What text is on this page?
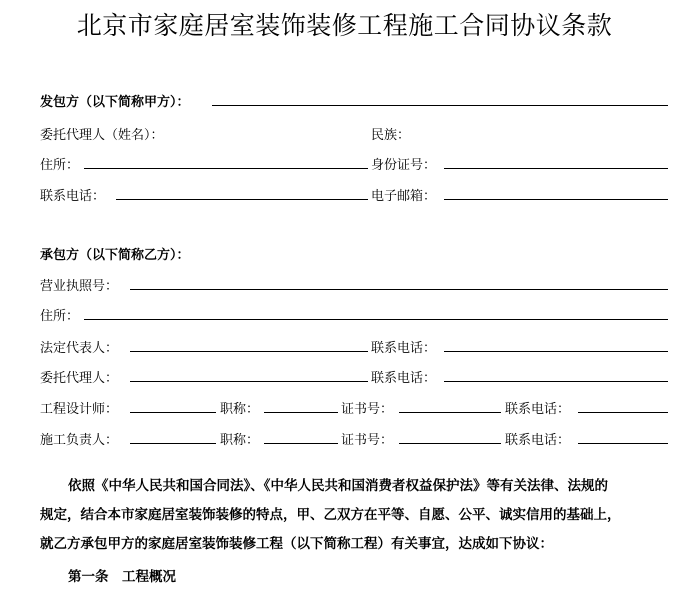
北京市家庭居室装饰装修工程施工合同协议条款
发包方（以下简称甲方）：
委托代理人（姓名）：	民族：
住所：	身份证号：
联系电话：	电子邮箱：
承包方（以下简称乙方）：
营业执照号：
住所：
法定代表人：	联系电话：
委托代理人：	联系电话：
工程设计师：	职称：	证书号：	联系电话：
施工负责人：	职称：	证书号：	联系电话：
依照《中华人民共和国合同法》、《中华人民共和国消费者权益保护法》等有关法律、法规的
规定，结合本市家庭居室装饰装修的特点，甲、乙双方在平等、自愿、公平、诚实信用的基础上，
就乙方承包甲方的家庭居室装饰装修工程（以下简称工程）有关事宜，达成如下协议：
第一条　工程概况
